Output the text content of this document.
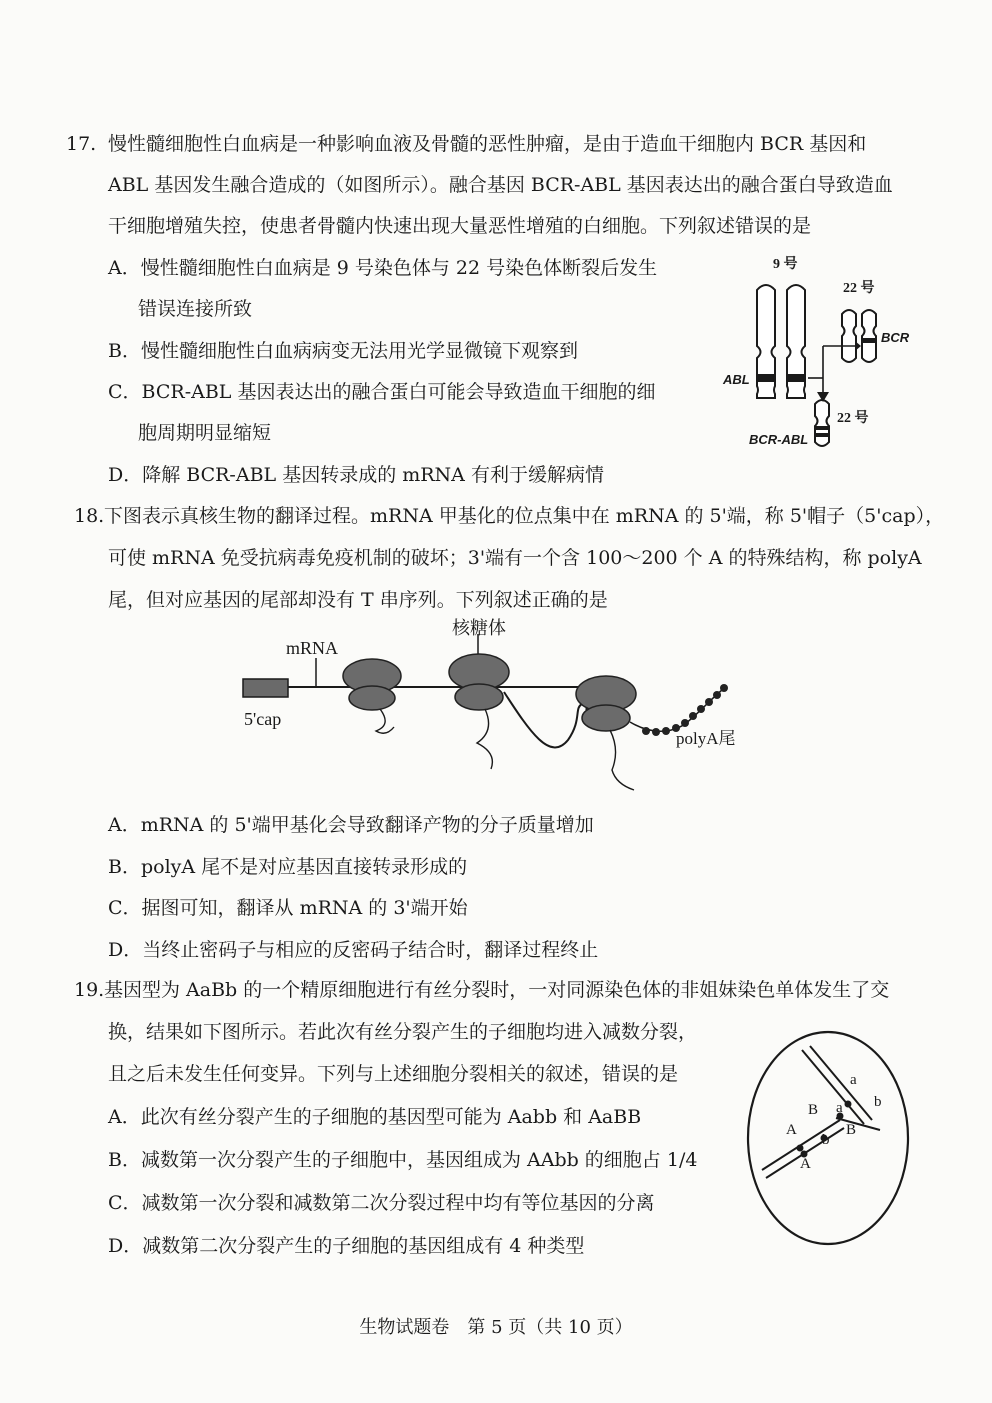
17. 慢性髓细胞性白血病是一种影响血液及骨髓的恶性肿瘤，是由于造血干细胞内 BCR 基因和
ABL 基因发生融合造成的（如图所示）。融合基因 BCR-ABL 基因表达出的融合蛋白导致造血
干细胞增殖失控，使患者骨髓内快速出现大量恶性增殖的白细胞。下列叙述错误的是
A．慢性髓细胞性白血病是 9 号染色体与 22 号染色体断裂后发生
错误连接所致
B．慢性髓细胞性白血病病变无法用光学显微镜下观察到
C．BCR-ABL 基因表达出的融合蛋白可能会导致造血干细胞的细
胞周期明显缩短
D．降解 BCR-ABL 基因转录成的 mRNA 有利于缓解病情
9 号
22 号
BCR
ABL
22 号
BCR-ABL
18. 下图表示真核生物的翻译过程。mRNA 甲基化的位点集中在 mRNA 的 5'端，称 5'帽子（5'cap），
可使 mRNA 免受抗病毒免疫机制的破坏；3'端有一个含 100～200 个 A 的特殊结构，称 polyA
尾，但对应基因的尾部却没有 T 串序列。下列叙述正确的是
核糖体
mRNA
5'cap
polyA尾
A．mRNA 的 5'端甲基化会导致翻译产物的分子质量增加
B．polyA 尾不是对应基因直接转录形成的
C．据图可知，翻译从 mRNA 的 3'端开始
D．当终止密码子与相应的反密码子结合时，翻译过程终止
19. 基因型为 AaBb 的一个精原细胞进行有丝分裂时，一对同源染色体的非姐妹染色单体发生了交
换，结果如下图所示。若此次有丝分裂产生的子细胞均进入减数分裂，
且之后未发生任何变异。下列与上述细胞分裂相关的叙述，错误的是
A．此次有丝分裂产生的子细胞的基因型可能为 Aabb 和 AaBB
B．减数第一次分裂产生的子细胞中，基因组成为 AAbb 的细胞占 1/4
C．减数第一次分裂和减数第二次分裂过程中均有等位基因的分离
D．减数第二次分裂产生的子细胞的基因组成有 4 种类型
a
a b
b
B
B
A
A
生物试题卷　第 5 页（共 10 页）
